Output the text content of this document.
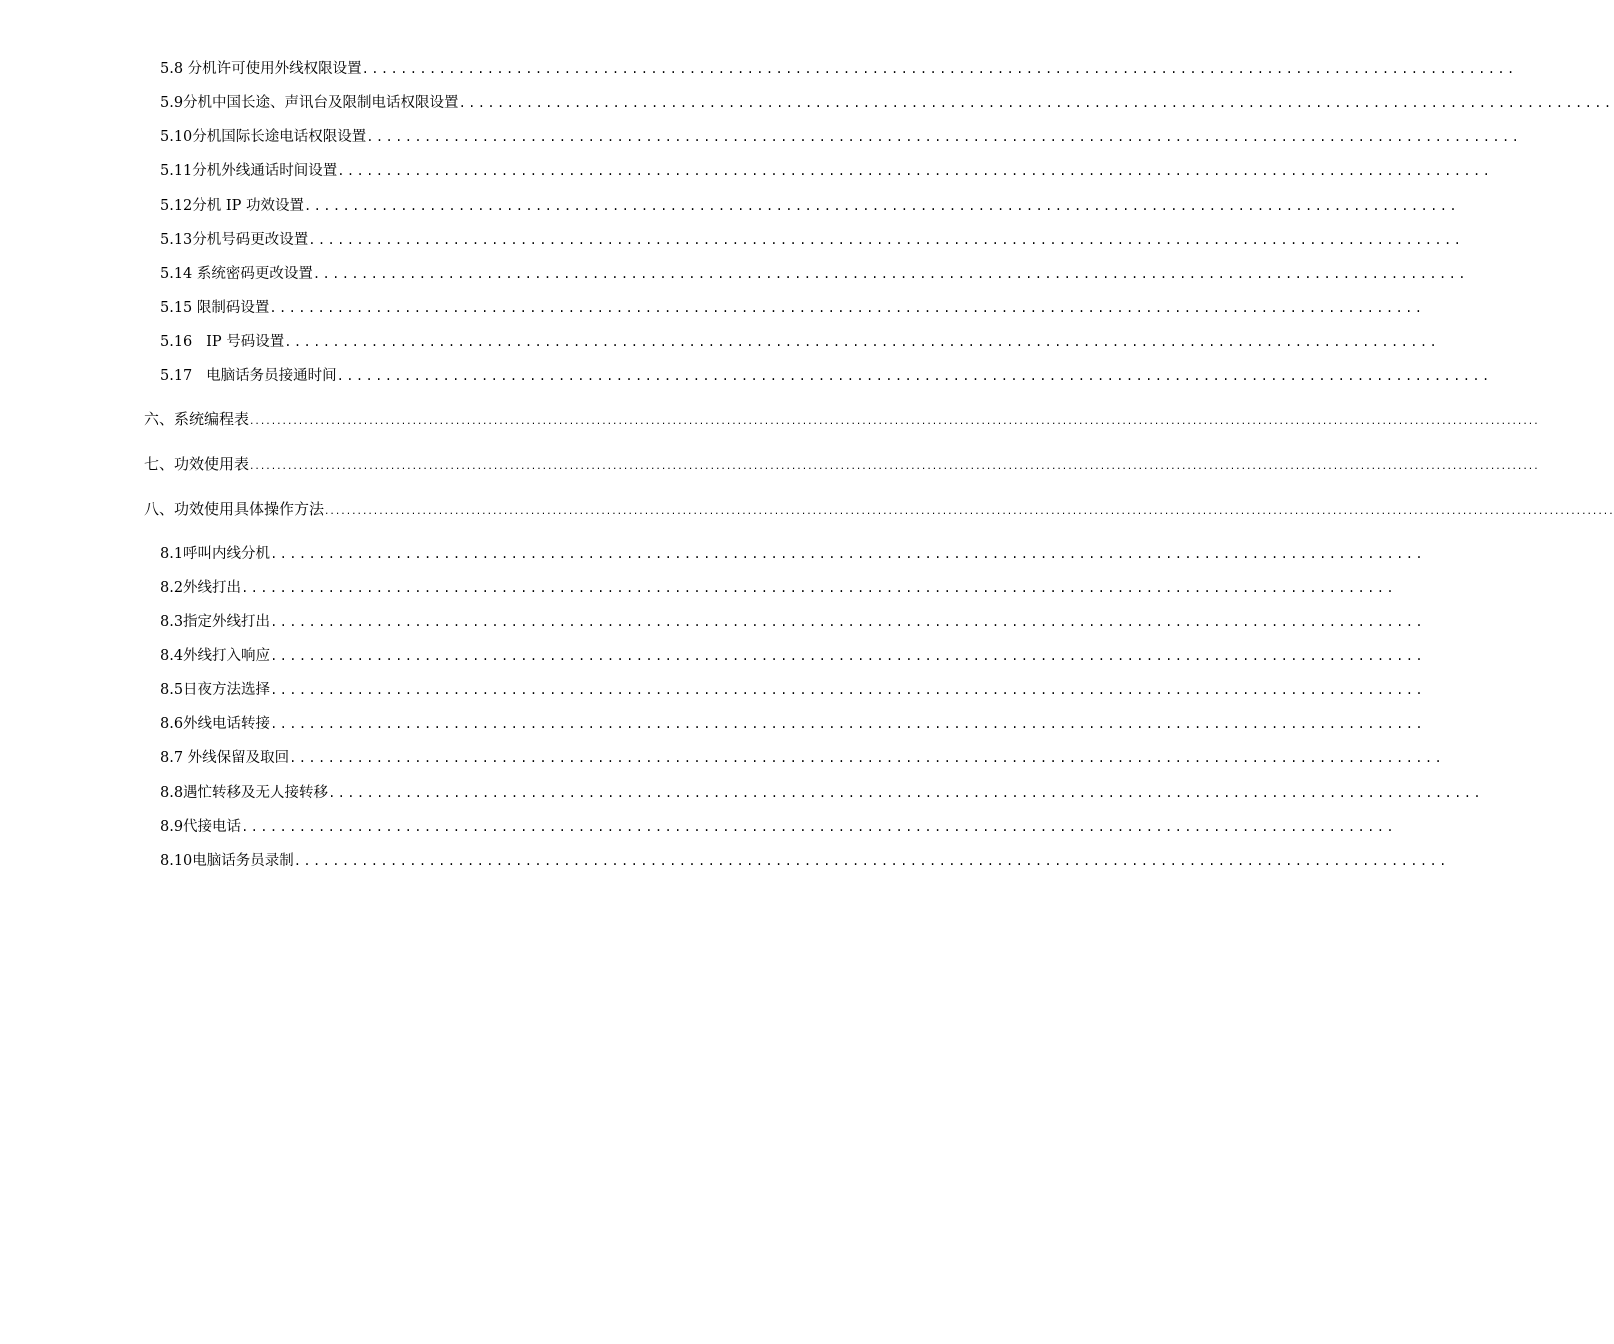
5.8 分机许可使用外线权限设置 ........................................................................................................................
5.9分机中国长途、声讯台及限制电话权限设置 ........................................................................................................................
5.10分机国际长途电话权限设置 ........................................................................................................................
5.11分机外线通话时间设置 ........................................................................................................................
5.12分机 IP 功效设置 ........................................................................................................................
5.13分机号码更改设置 ........................................................................................................................
5.14 系统密码更改设置 ........................................................................................................................
5.15 限制码设置 ........................................................................................................................
5.16   IP 号码设置 ........................................................................................................................
5.17   电脑话务员接通时间 ........................................................................................................................
六、系统编程表 ..............................................................................................................................................................................................................................................
七、功效使用表 ..............................................................................................................................................................................................................................................
八、功效使用具体操作方法 ..............................................................................................................................................................................................................................................
8.1呼叫内线分机 ........................................................................................................................
8.2外线打出 ........................................................................................................................
8.3指定外线打出 ........................................................................................................................
8.4外线打入响应 ........................................................................................................................
8.5日夜方法选择 ........................................................................................................................
8.6外线电话转接 ........................................................................................................................
8.7 外线保留及取回 ........................................................................................................................
8.8遇忙转移及无人接转移 ........................................................................................................................
8.9代接电话 ........................................................................................................................
8.10电脑话务员录制 ........................................................................................................................
